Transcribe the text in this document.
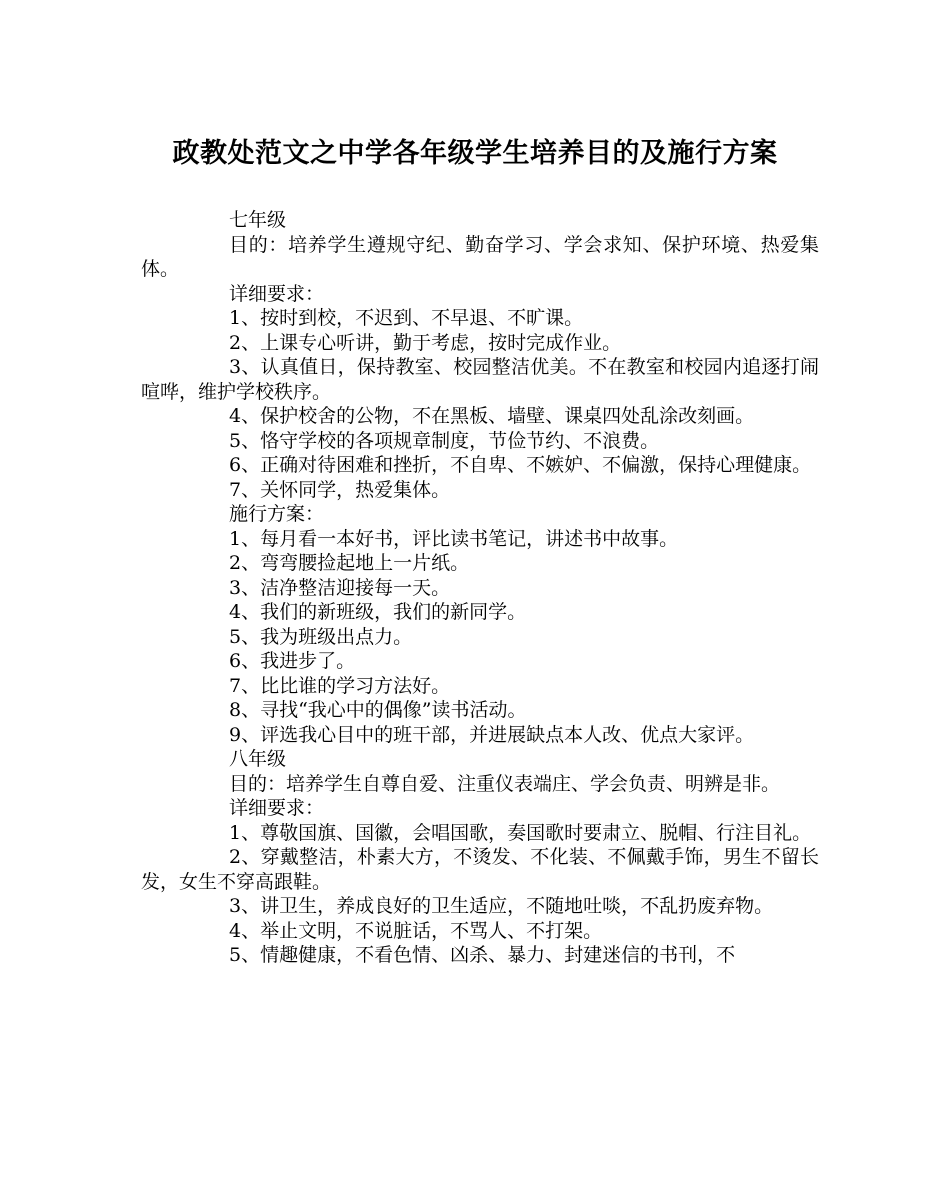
政教处范文之中学各年级学生培养目的及施行方案

七年级

目的：培养学生遵规守纪、勤奋学习、学会求知、保护环境、热爱集体。

详细要求：

1、按时到校，不迟到、不早退、不旷课。

2、上课专心听讲，勤于考虑，按时完成作业。

3、认真值日，保持教室、校园整洁优美。不在教室和校园内追逐打闹喧哗，维护学校秩序。

4、保护校舍的公物，不在黑板、墙壁、课桌四处乱涂改刻画。

5、恪守学校的各项规章制度，节俭节约、不浪费。

6、正确对待困难和挫折，不自卑、不嫉妒、不偏激，保持心理健康。

7、关怀同学，热爱集体。

施行方案：

1、每月看一本好书，评比读书笔记，讲述书中故事。

2、弯弯腰捡起地上一片纸。

3、洁净整洁迎接每一天。

4、我们的新班级，我们的新同学。

5、我为班级出点力。

6、我进步了。

7、比比谁的学习方法好。

8、寻找“我心中的偶像”读书活动。

9、评选我心目中的班干部，并进展缺点本人改、优点大家评。

八年级

目的：培养学生自尊自爱、注重仪表端庄、学会负责、明辨是非。

详细要求：

1、尊敬国旗、国徽，会唱国歌，奏国歌时要肃立、脱帽、行注目礼。

2、穿戴整洁，朴素大方，不烫发、不化装、不佩戴手饰，男生不留长发，女生不穿高跟鞋。

3、讲卫生，养成良好的卫生适应，不随地吐啖，不乱扔废弃物。

4、举止文明，不说脏话，不骂人、不打架。

5、情趣健康，不看色情、凶杀、暴力、封建迷信的书刊，不
